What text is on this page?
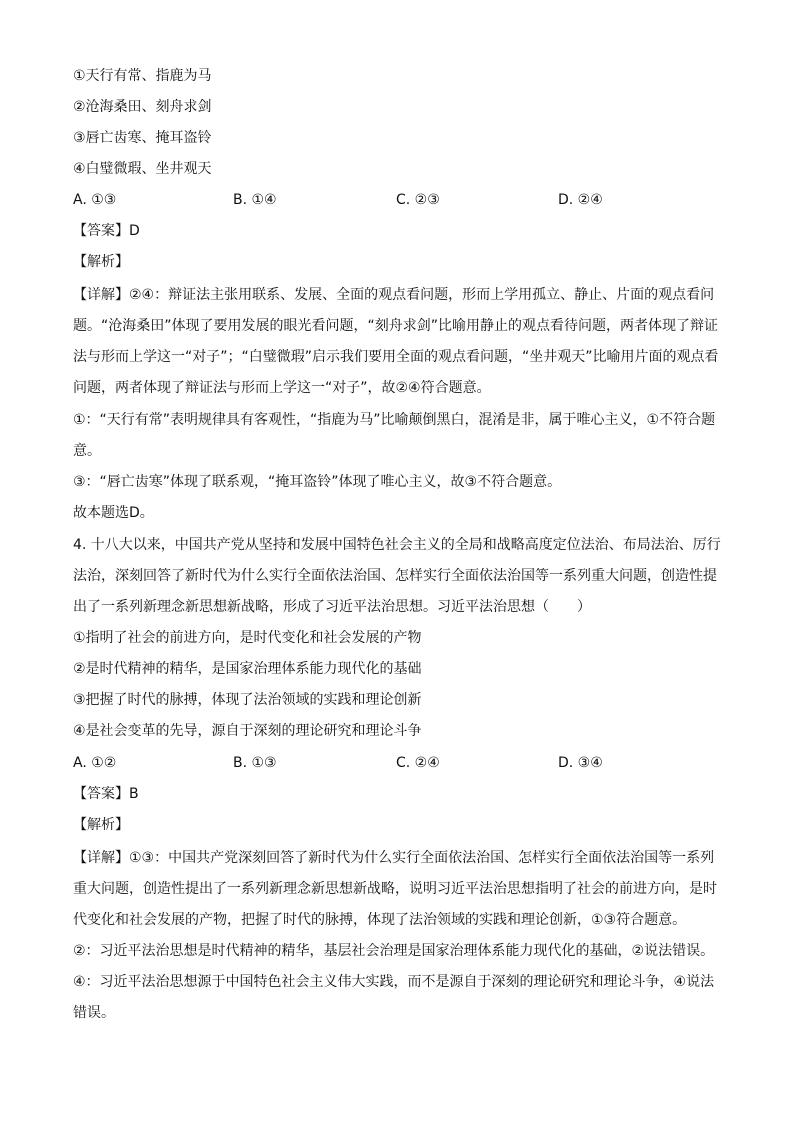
①天行有常、指鹿为马
②沧海桑田、刻舟求剑
③唇亡齿寒、掩耳盗铃
④白璧微瑕、坐井观天
A. ①③	B. ①④	C. ②③	D. ②④
【答案】D
【解析】
【详解】②④：辩证法主张用联系、发展、全面的观点看问题，形而上学用孤立、静止、片面的观点看问
题。“沧海桑田”体现了要用发展的眼光看问题，“刻舟求剑”比喻用静止的观点看待问题，两者体现了辩证
法与形而上学这一“对子”；“白璧微瑕”启示我们要用全面的观点看问题，“坐井观天”比喻用片面的观点看
问题，两者体现了辩证法与形而上学这一“对子”，故②④符合题意。
①：“天行有常”表明规律具有客观性，“指鹿为马”比喻颠倒黑白，混淆是非，属于唯心主义，①不符合题
意。
③：“唇亡齿寒”体现了联系观，“掩耳盗铃”体现了唯心主义，故③不符合题意。
故本题选D。
4. 十八大以来，中国共产党从坚持和发展中国特色社会主义的全局和战略高度定位法治、布局法治、厉行
法治，深刻回答了新时代为什么实行全面依法治国、怎样实行全面依法治国等一系列重大问题，创造性提
出了一系列新理念新思想新战略，形成了习近平法治思想。习近平法治思想（　　）
①指明了社会的前进方向，是时代变化和社会发展的产物
②是时代精神的精华，是国家治理体系能力现代化的基础
③把握了时代的脉搏，体现了法治领域的实践和理论创新
④是社会变革的先导，源自于深刻的理论研究和理论斗争
A. ①②	B. ①③	C. ②④	D. ③④
【答案】B
【解析】
【详解】①③：中国共产党深刻回答了新时代为什么实行全面依法治国、怎样实行全面依法治国等一系列
重大问题，创造性提出了一系列新理念新思想新战略，说明习近平法治思想指明了社会的前进方向，是时
代变化和社会发展的产物，把握了时代的脉搏，体现了法治领域的实践和理论创新，①③符合题意。
②：习近平法治思想是时代精神的精华，基层社会治理是国家治理体系能力现代化的基础，②说法错误。
④：习近平法治思想源于中国特色社会主义伟大实践，而不是源自于深刻的理论研究和理论斗争，④说法
错误。
